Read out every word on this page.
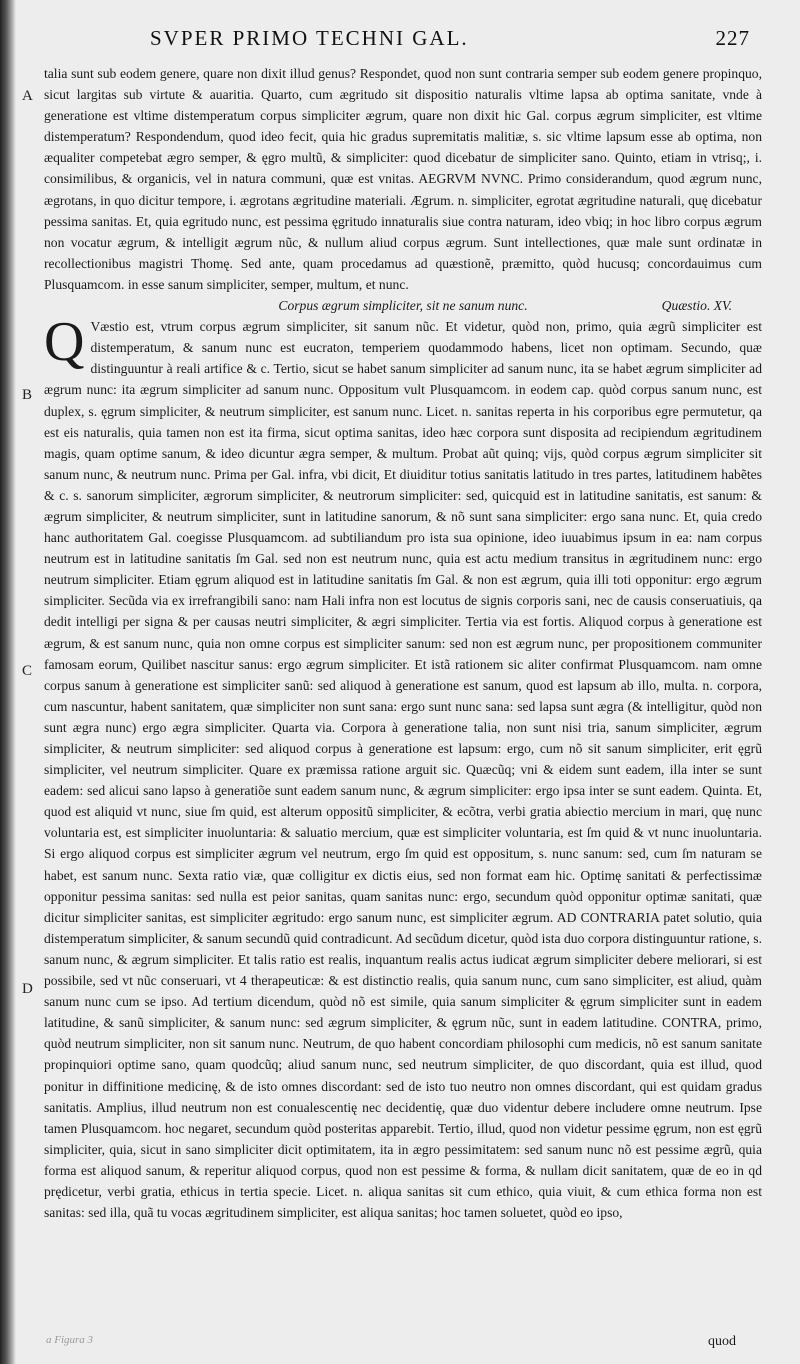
SVPER PRIMO TECHNI GAL.	227
A
B
C
D

talia sunt sub eodem genere, quare non dixit illud genus? Respondet, quod non sunt contraria semper sub eodem genere propinquo, sicut largitas sub virtute & auaritia. Quarto, cum ægritudo sit dispositio naturalis vltime lapsa ab optima sanitate, vnde à generatione est vltime distemperatum corpus simpliciter ægrum, quare non dixit hic Gal. corpus ægrum simpliciter, est vltime distemperatum? Respondendum, quod ideo fecit, quia hic gradus supremitatis malitiæ, s. sic vltime lapsum esse ab optima, non æqualiter competebat ægro semper, & ęgro multũ, & simpliciter: quod dicebatur de simpliciter sano. Quinto, etiam in vtrisq;, i. consimilibus, & organicis, vel in natura communi, quæ est vnitas. AEGRVM NVNC. Primo considerandum, quod ægrum nunc, ægrotans, in quo dicitur tempore, i. ægrotans ægritudine materiali. Ægrum. n. simpliciter, egrotat ægritudine naturali, quę dicebatur pessima sanitas. Et, quia egritudo nunc, est pessima ęgritudo innaturalis siue contra naturam, ideo vbiq; in hoc libro corpus ægrum non vocatur ægrum, & intelligit ægrum nũc, & nullum aliud corpus ægrum. Sunt intellectiones, quæ male sunt ordinatæ in recollectionibus magistri Thomę. Sed ante, quam procedamus ad quæstionẽ, præmitto, quòd hucusq; concordauimus cum Plusquamcom. in esse sanum simpliciter, semper, multum, et nunc.

Corpus ægrum simpliciter, sit ne sanum nunc.	Quæstio. XV.

Q Væstio est, vtrum corpus ægrum simpliciter, sit sanum nũc. Et videtur, quòd non, primo, quia ægrũ simpliciter est distemperatum, & sanum nunc est eucraton, temperiem quodammodo habens, licet non optimam. Secundo, quæ distinguuntur à reali artifice & c. Tertio, sicut se habet sanum simpliciter ad sanum nunc, ita se habet ægrum simpliciter ad ægrum nunc: ita ægrum simpliciter ad sanum nunc. Oppositum vult Plusquamcom. in eodem cap. quòd corpus sanum nunc, est duplex, s. ęgrum simpliciter, & neutrum simpliciter, est sanum nunc. Licet. n. sanitas reperta in his corporibus egre permutetur, qa est eis naturalis, quia tamen non est ita firma, sicut optima sanitas, ideo hæc corpora sunt disposita ad recipiendum ægritudinem magis, quam optime sanum, & ideo dicuntur ægra semper, & multum. Probat aũt quinq; vijs, quòd corpus ægrum simpliciter sit sanum nunc, & neutrum nunc. Prima per Gal. infra, vbi dicit, Et diuiditur totius sanitatis latitudo in tres partes, latitudinem habẽtes & c. s. sanorum simpliciter, ægrorum simpliciter, & neutrorum simpliciter: sed, quicquid est in latitudine sanitatis, est sanum: & ægrum simpliciter, & neutrum simpliciter, sunt in latitudine sanorum, & nõ sunt sana simpliciter: ergo sana nunc. Et, quia credo hanc authoritatem Gal. coegisse Plusquamcom. ad subtiliandum pro ista sua opinione, ideo iuuabimus ipsum in ea: nam corpus neutrum est in latitudine sanitatis ſm Gal. sed non est neutrum nunc, quia est actu medium transitus in ægritudinem nunc: ergo neutrum simpliciter. Etiam ęgrum aliquod est in latitudine sanitatis ſm Gal. & non est ægrum, quia illi toti opponitur: ergo ægrum simpliciter. Secũda via ex irrefrangibili sano: nam Hali infra non est locutus de signis corporis sani, nec de causis conseruatiuis, qa dedit intelligi per signa & per causas neutri simpliciter, & ægri simpliciter. Tertia via est fortis. Aliquod corpus à generatione est ægrum, & est sanum nunc, quia non omne corpus est simpliciter sanum: sed non est ægrum nunc, per propositionem communiter famosam eorum, Quilibet nascitur sanus: ergo ægrum simpliciter. Et istã rationem sic aliter confirmat Plusquamcom. nam omne corpus sanum à generatione est simpliciter sanũ: sed aliquod à generatione est sanum, quod est lapsum ab illo, multa. n. corpora, cum nascuntur, habent sanitatem, quæ simpliciter non sunt sana: ergo sunt nunc sana: sed lapsa sunt ægra (& intelligitur, quòd non sunt ægra nunc) ergo ægra simpliciter. Quarta via. Corpora à generatione talia, non sunt nisi tria, sanum simpliciter, ægrum simpliciter, & neutrum simpliciter: sed aliquod corpus à generatione est lapsum: ergo, cum nõ sit sanum simpliciter, erit ęgrũ simpliciter, vel neutrum simpliciter. Quare ex præmissa ratione arguit sic. Quæcũq; vni & eidem sunt eadem, illa inter se sunt eadem: sed alicui sano lapso à generatiõe sunt eadem sanum nunc, & ægrum simpliciter: ergo ipsa inter se sunt eadem. Quinta. Et, quod est aliquid vt nunc, siue ſm quid, est alterum oppositũ simpliciter, & ecõtra, verbi gratia abiectio mercium in mari, quę nunc voluntaria est, est simpliciter inuoluntaria: & saluatio mercium, quæ est simpliciter voluntaria, est ſm quid & vt nunc inuoluntaria. Si ergo aliquod corpus est simpliciter ægrum vel neutrum, ergo ſm quid est oppositum, s. nunc sanum: sed, cum ſm naturam se habet, est sanum nunc. Sexta ratio viæ, quæ colligitur ex dictis eius, sed non format eam hic. Optimę sanitati & perfectissimæ opponitur pessima sanitas: sed nulla est peior sanitas, quam sanitas nunc: ergo, secundum quòd opponitur optimæ sanitati, quæ dicitur simpliciter sanitas, est simpliciter ægritudo: ergo sanum nunc, est simpliciter ægrum. AD CONTRARIA patet solutio, quia distemperatum simpliciter, & sanum secundũ quid contradicunt. Ad secũdum dicetur, quòd ista duo corpora distinguuntur ratione, s. sanum nunc, & ægrum simpliciter. Et talis ratio est realis, inquantum realis actus iudicat ægrum simpliciter debere meliorari, si est possibile, sed vt nũc conseruari, vt 4 therapeuticæ: & est distinctio realis, quia sanum nunc, cum sano simpliciter, est aliud, quàm sanum nunc cum se ipso. Ad tertium dicendum, quòd nõ est simile, quia sanum simpliciter & ęgrum simpliciter sunt in eadem latitudine, & sanũ simpliciter, & sanum nunc: sed ægrum simpliciter, & ęgrum nũc, sunt in eadem latitudine. CONTRA, primo, quòd neutrum simpliciter, non sit sanum nunc. Neutrum, de quo habent concordiam philosophi cum medicis, nõ est sanum sanitate propinquiori optime sano, quam quodcũq; aliud sanum nunc, sed neutrum simpliciter, de quo discordant, quia est illud, quod ponitur in diffinitione medicinę, & de isto omnes discordant: sed de isto tuo neutro non omnes discordant, qui est quidam gradus sanitatis. Amplius, illud neutrum non est conualescentię nec decidentię, quæ duo videntur debere includere omne neutrum. Ipse tamen Plusquamcom. hoc negaret, secundum quòd posteritas apparebit. Tertio, illud, quod non videtur pessime ęgrum, non est ęgrũ simpliciter, quia, sicut in sano simpliciter dicit optimitatem, ita in ægro pessimitatem: sed sanum nunc nõ est pessime ægrũ, quia forma est aliquod sanum, & reperitur aliquod corpus, quod non est pessime & forma, & nullam dicit sanitatem, quæ de eo in qd prędicetur, verbi gratia, ethicus in tertia specie. Licet. n. aliqua sanitas sit cum ethico, quia viuit, & cum ethica forma non est sanitas: sed illa, quã tu vocas ægritudinem simpliciter, est aliqua sanitas; hoc tamen soluetet, quòd eo ipso,

a Figura 3	quod
